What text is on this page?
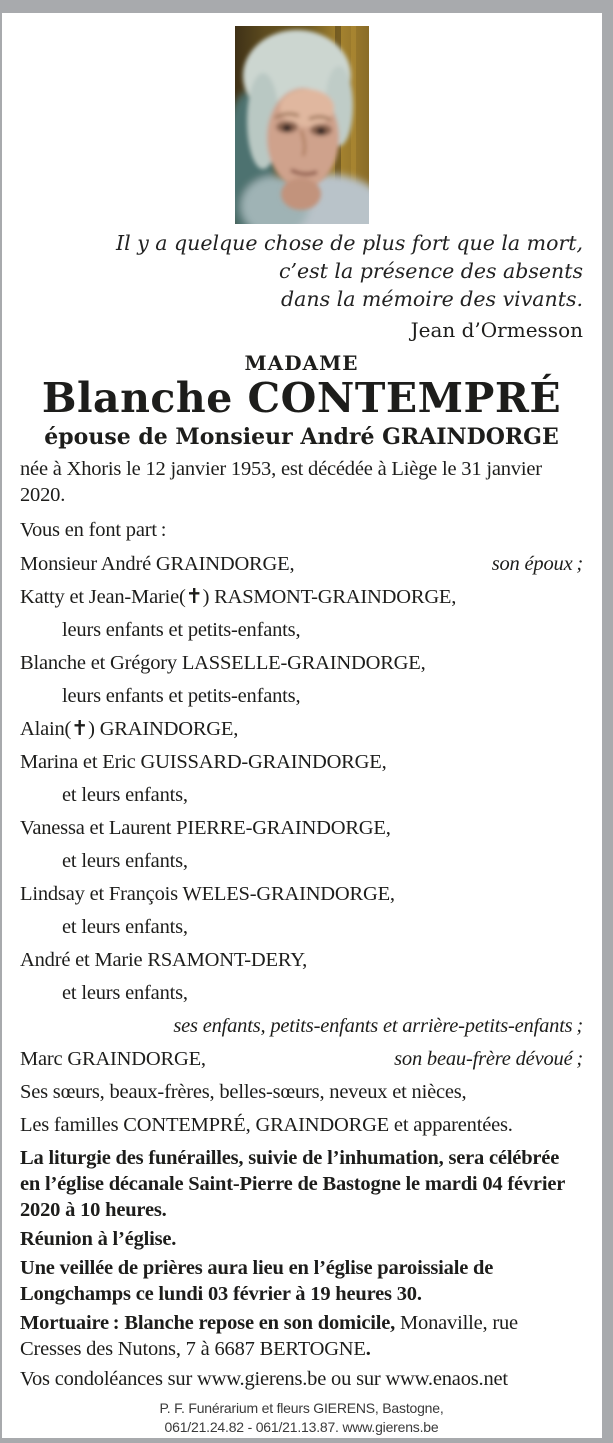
Il y a quelque chose de plus fort que la mort,
c’est la présence des absents
dans la mémoire des vivants.
Jean d’Ormesson
MADAME
Blanche CONTEMPRÉ
épouse de Monsieur André GRAINDORGE
née à Xhoris le 12 janvier 1953, est décédée à Liège le 31 janvier 2020.
Vous en font part :
Monsieur André GRAINDORGE,	son époux ;
Katty et Jean-Marie(✝) RASMONT-GRAINDORGE,
leurs enfants et petits-enfants,
Blanche et Grégory LASSELLE-GRAINDORGE,
leurs enfants et petits-enfants,
Alain(✝) GRAINDORGE,
Marina et Eric GUISSARD-GRAINDORGE,
et leurs enfants,
Vanessa et Laurent PIERRE-GRAINDORGE,
et leurs enfants,
Lindsay et François WELES-GRAINDORGE,
et leurs enfants,
André et Marie RSAMONT-DERY,
et leurs enfants,
ses enfants, petits-enfants et arrière-petits-enfants ;
Marc GRAINDORGE,	son beau-frère dévoué ;
Ses sœurs, beaux-frères, belles-sœurs, neveux et nièces,
Les familles CONTEMPRÉ, GRAINDORGE et apparentées.
La liturgie des funérailles, suivie de l’inhumation, sera célébrée en l’église décanale Saint-Pierre de Bastogne le mardi 04 février 2020 à 10 heures.
Réunion à l’église.
Une veillée de prières aura lieu en l’église paroissiale de Longchamps ce lundi 03 février à 19 heures 30.
Mortuaire : Blanche repose en son domicile, Monaville, rue Cresses des Nutons, 7 à 6687 BERTOGNE.
Vos condoléances sur www.gierens.be ou sur www.enaos.net
P. F. Funérarium et fleurs GIERENS, Bastogne,
061/21.24.82 - 061/21.13.87. www.gierens.be
